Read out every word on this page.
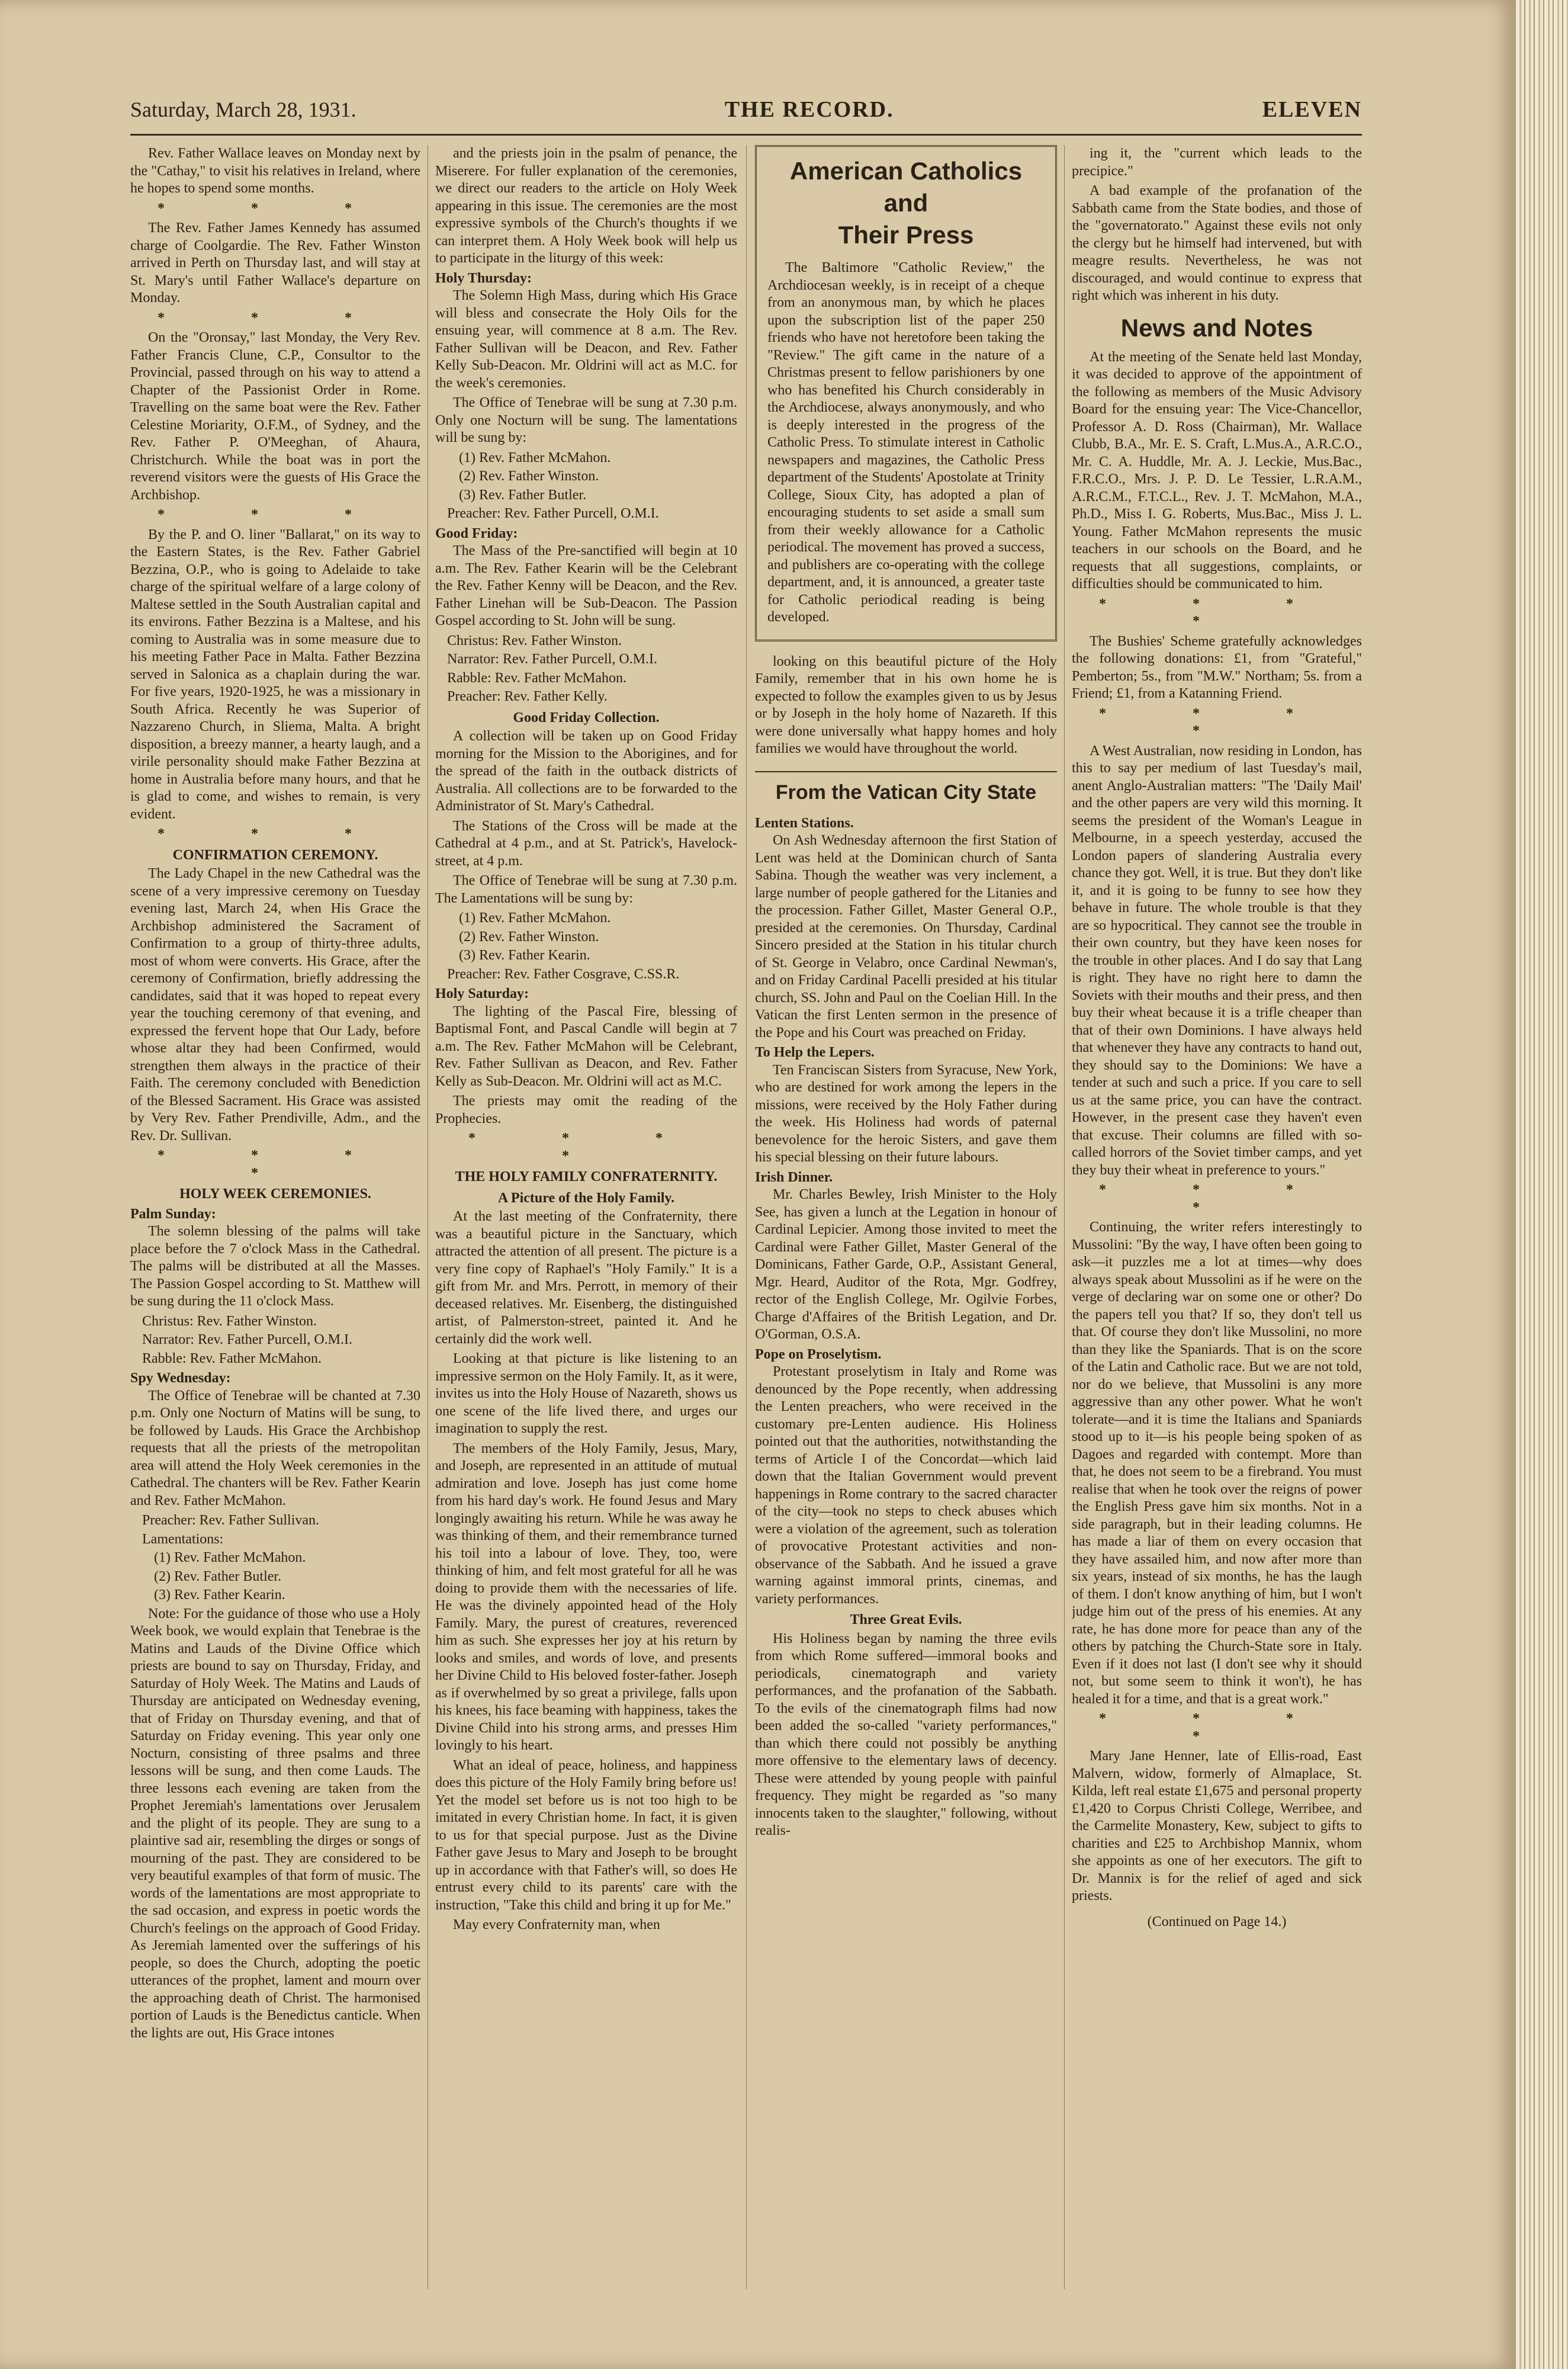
Saturday, March 28, 1931.	THE RECORD.	ELEVEN

Rev. Father Wallace leaves on Monday next by the "Cathay," to visit his relatives in Ireland, where he hopes to spend some months.

* * *

The Rev. Father James Kennedy has assumed charge of Coolgardie. The Rev. Father Winston arrived in Perth on Thursday last, and will stay at St. Mary's until Father Wallace's departure on Monday.

* * *

On the "Oronsay," last Monday, the Very Rev. Father Francis Clune, C.P., Consultor to the Provincial, passed through on his way to attend a Chapter of the Passionist Order in Rome. Travelling on the same boat were the Rev. Father Celestine Moriarity, O.F.M., of Sydney, and the Rev. Father P. O'Meeghan, of Ahaura, Christchurch. While the boat was in port the reverend visitors were the guests of His Grace the Archbishop.

* * *

By the P. and O. liner "Ballarat," on its way to the Eastern States, is the Rev. Father Gabriel Bezzina, O.P., who is going to Adelaide to take charge of the spiritual welfare of a large colony of Maltese settled in the South Australian capital and its environs. Father Bezzina is a Maltese, and his coming to Australia was in some measure due to his meeting Father Pace in Malta. Father Bezzina served in Salonica as a chaplain during the war. For five years, 1920-1925, he was a missionary in South Africa. Recently he was Superior of Nazzareno Church, in Sliema, Malta. A bright disposition, a breezy manner, a hearty laugh, and a virile personality should make Father Bezzina at home in Australia before many hours, and that he is glad to come, and wishes to remain, is very evident.

* * *
CONFIRMATION CEREMONY.

The Lady Chapel in the new Cathedral was the scene of a very impressive ceremony on Tuesday evening last, March 24, when His Grace the Archbishop administered the Sacrament of Confirmation to a group of thirty-three adults, most of whom were converts. His Grace, after the ceremony of Confirmation, briefly addressing the candidates, said that it was hoped to repeat every year the touching ceremony of that evening, and expressed the fervent hope that Our Lady, before whose altar they had been Confirmed, would strengthen them always in the practice of their Faith. The ceremony concluded with Benediction of the Blessed Sacrament. His Grace was assisted by Very Rev. Father Prendiville, Adm., and the Rev. Dr. Sullivan.

* * * *
HOLY WEEK CEREMONIES.
Palm Sunday:

The solemn blessing of the palms will take place before the 7 o'clock Mass in the Cathedral. The palms will be distributed at all the Masses. The Passion Gospel according to St. Matthew will be sung during the 11 o'clock Mass.

Christus: Rev. Father Winston.
Narrator: Rev. Father Purcell, O.M.I.
Rabble: Rev. Father McMahon.
Spy Wednesday:

The Office of Tenebrae will be chanted at 7.30 p.m. Only one Nocturn of Matins will be sung, to be followed by Lauds. His Grace the Archbishop requests that all the priests of the metropolitan area will attend the Holy Week ceremonies in the Cathedral. The chanters will be Rev. Father Kearin and Rev. Father McMahon.

Preacher: Rev. Father Sullivan.
Lamentations:
(1) Rev. Father McMahon.
(2) Rev. Father Butler.
(3) Rev. Father Kearin.

Note: For the guidance of those who use a Holy Week book, we would explain that Tenebrae is the Matins and Lauds of the Divine Office which priests are bound to say on Thursday, Friday, and Saturday of Holy Week. The Matins and Lauds of Thursday are anticipated on Wednesday evening, that of Friday on Thursday evening, and that of Saturday on Friday evening. This year only one Nocturn, consisting of three psalms and three lessons will be sung, and then come Lauds. The three lessons each evening are taken from the Prophet Jeremiah's lamentations over Jerusalem and the plight of its people. They are sung to a plaintive sad air, resembling the dirges or songs of mourning of the past. They are considered to be very beautiful examples of that form of music. The words of the lamentations are most appropriate to the sad occasion, and express in poetic words the Church's feelings on the approach of Good Friday. As Jeremiah lamented over the sufferings of his people, so does the Church, adopting the poetic utterances of the prophet, lament and mourn over the approaching death of Christ. The harmonised portion of Lauds is the Benedictus canticle. When the lights are out, His Grace intones

and the priests join in the psalm of penance, the Miserere. For fuller explanation of the ceremonies, we direct our readers to the article on Holy Week appearing in this issue. The ceremonies are the most expressive symbols of the Church's thoughts if we can interpret them. A Holy Week book will help us to participate in the liturgy of this week:

Holy Thursday:

The Solemn High Mass, during which His Grace will bless and consecrate the Holy Oils for the ensuing year, will commence at 8 a.m. The Rev. Father Sullivan will be Deacon, and Rev. Father Kelly Sub-Deacon. Mr. Oldrini will act as M.C. for the week's ceremonies.

The Office of Tenebrae will be sung at 7.30 p.m. Only one Nocturn will be sung. The lamentations will be sung by:

(1) Rev. Father McMahon.
(2) Rev. Father Winston.
(3) Rev. Father Butler.
Preacher: Rev. Father Purcell, O.M.I.
Good Friday:

The Mass of the Pre-sanctified will begin at 10 a.m. The Rev. Father Kearin will be the Celebrant the Rev. Father Kenny will be Deacon, and the Rev. Father Linehan will be Sub-Deacon. The Passion Gospel according to St. John will be sung.

Christus: Rev. Father Winston.
Narrator: Rev. Father Purcell, O.M.I.
Rabble: Rev. Father McMahon.
Preacher: Rev. Father Kelly.
Good Friday Collection.

A collection will be taken up on Good Friday morning for the Mission to the Aborigines, and for the spread of the faith in the outback districts of Australia. All collections are to be forwarded to the Administrator of St. Mary's Cathedral.

The Stations of the Cross will be made at the Cathedral at 4 p.m., and at St. Patrick's, Havelock-street, at 4 p.m.

The Office of Tenebrae will be sung at 7.30 p.m. The Lamentations will be sung by:

(1) Rev. Father McMahon.
(2) Rev. Father Winston.
(3) Rev. Father Kearin.
Preacher: Rev. Father Cosgrave, C.SS.R.
Holy Saturday:

The lighting of the Pascal Fire, blessing of Baptismal Font, and Pascal Candle will begin at 7 a.m. The Rev. Father McMahon will be Celebrant, Rev. Father Sullivan as Deacon, and Rev. Father Kelly as Sub-Deacon. Mr. Oldrini will act as M.C.

The priests may omit the reading of the Prophecies.

* * * *
THE HOLY FAMILY CONFRATERNITY.
A Picture of the Holy Family.

At the last meeting of the Confraternity, there was a beautiful picture in the Sanctuary, which attracted the attention of all present. The picture is a very fine copy of Raphael's "Holy Family." It is a gift from Mr. and Mrs. Perrott, in memory of their deceased relatives. Mr. Eisenberg, the distinguished artist, of Palmerston-street, painted it. And he certainly did the work well.

Looking at that picture is like listening to an impressive sermon on the Holy Family. It, as it were, invites us into the Holy House of Nazareth, shows us one scene of the life lived there, and urges our imagination to supply the rest.

The members of the Holy Family, Jesus, Mary, and Joseph, are represented in an attitude of mutual admiration and love. Joseph has just come home from his hard day's work. He found Jesus and Mary longingly awaiting his return. While he was away he was thinking of them, and their remembrance turned his toil into a labour of love. They, too, were thinking of him, and felt most grateful for all he was doing to provide them with the necessaries of life. He was the divinely appointed head of the Holy Family. Mary, the purest of creatures, reverenced him as such. She expresses her joy at his return by looks and smiles, and words of love, and presents her Divine Child to His beloved foster-father. Joseph as if overwhelmed by so great a privilege, falls upon his knees, his face beaming with happiness, takes the Divine Child into his strong arms, and presses Him lovingly to his heart.

What an ideal of peace, holiness, and happiness does this picture of the Holy Family bring before us! Yet the model set before us is not too high to be imitated in every Christian home. In fact, it is given to us for that special purpose. Just as the Divine Father gave Jesus to Mary and Joseph to be brought up in accordance with that Father's will, so does He entrust every child to its parents' care with the instruction, "Take this child and bring it up for Me."

May every Confraternity man, when

American Catholics and
Their Press

The Baltimore "Catholic Review," the Archdiocesan weekly, is in receipt of a cheque from an anonymous man, by which he places upon the subscription list of the paper 250 friends who have not heretofore been taking the "Review." The gift came in the nature of a Christmas present to fellow parishioners by one who has benefited his Church considerably in the Archdiocese, always anonymously, and who is deeply interested in the progress of the Catholic Press. To stimulate interest in Catholic newspapers and magazines, the Catholic Press department of the Students' Apostolate at Trinity College, Sioux City, has adopted a plan of encouraging students to set aside a small sum from their weekly allowance for a Catholic periodical. The movement has proved a success, and publishers are co-operating with the college department, and, it is announced, a greater taste for Catholic periodical reading is being developed.

looking on this beautiful picture of the Holy Family, remember that in his own home he is expected to follow the examples given to us by Jesus or by Joseph in the holy home of Nazareth. If this were done universally what happy homes and holy families we would have throughout the world.

From the Vatican City State
Lenten Stations.

On Ash Wednesday afternoon the first Station of Lent was held at the Dominican church of Santa Sabina. Though the weather was very inclement, a large number of people gathered for the Litanies and the procession. Father Gillet, Master General O.P., presided at the ceremonies. On Thursday, Cardinal Sincero presided at the Station in his titular church of St. George in Velabro, once Cardinal Newman's, and on Friday Cardinal Pacelli presided at his titular church, SS. John and Paul on the Coelian Hill. In the Vatican the first Lenten sermon in the presence of the Pope and his Court was preached on Friday.

To Help the Lepers.

Ten Franciscan Sisters from Syracuse, New York, who are destined for work among the lepers in the missions, were received by the Holy Father during the week. His Holiness had words of paternal benevolence for the heroic Sisters, and gave them his special blessing on their future labours.

Irish Dinner.

Mr. Charles Bewley, Irish Minister to the Holy See, has given a lunch at the Legation in honour of Cardinal Lepicier. Among those invited to meet the Cardinal were Father Gillet, Master General of the Dominicans, Father Garde, O.P., Assistant General, Mgr. Heard, Auditor of the Rota, Mgr. Godfrey, rector of the English College, Mr. Ogilvie Forbes, Charge d'Affaires of the British Legation, and Dr. O'Gorman, O.S.A.

Pope on Proselytism.

Protestant proselytism in Italy and Rome was denounced by the Pope recently, when addressing the Lenten preachers, who were received in the customary pre-Lenten audience. His Holiness pointed out that the authorities, notwithstanding the terms of Article I of the Concordat—which laid down that the Italian Government would prevent happenings in Rome contrary to the sacred character of the city—took no steps to check abuses which were a violation of the agreement, such as toleration of provocative Protestant activities and non-observance of the Sabbath. And he issued a grave warning against immoral prints, cinemas, and variety performances.

Three Great Evils.

His Holiness began by naming the three evils from which Rome suffered—immoral books and periodicals, cinematograph and variety performances, and the profanation of the Sabbath. To the evils of the cinematograph films had now been added the so-called "variety performances," than which there could not possibly be anything more offensive to the elementary laws of decency. These were attended by young people with painful frequency. They might be regarded as "so many innocents taken to the slaughter," following, without realis-

ing it, the "current which leads to the precipice."

A bad example of the profanation of the Sabbath came from the State bodies, and those of the "governatorato." Against these evils not only the clergy but he himself had intervened, but with meagre results. Nevertheless, he was not discouraged, and would continue to express that right which was inherent in his duty.

News and Notes

At the meeting of the Senate held last Monday, it was decided to approve of the appointment of the following as members of the Music Advisory Board for the ensuing year: The Vice-Chancellor, Professor A. D. Ross (Chairman), Mr. Wallace Clubb, B.A., Mr. E. S. Craft, L.Mus.A., A.R.C.O., Mr. C. A. Huddle, Mr. A. J. Leckie, Mus.Bac., F.R.C.O., Mrs. J. P. D. Le Tessier, L.R.A.M., A.R.C.M., F.T.C.L., Rev. J. T. McMahon, M.A., Ph.D., Miss I. G. Roberts, Mus.Bac., Miss J. L. Young. Father McMahon represents the music teachers in our schools on the Board, and he requests that all suggestions, complaints, or difficulties should be communicated to him.

* * * *

The Bushies' Scheme gratefully acknowledges the following donations: £1, from "Grateful," Pemberton; 5s., from "M.W." Northam; 5s. from a Friend; £1, from a Katanning Friend.

* * * *

A West Australian, now residing in London, has this to say per medium of last Tuesday's mail, anent Anglo-Australian matters: "The 'Daily Mail' and the other papers are very wild this morning. It seems the president of the Woman's League in Melbourne, in a speech yesterday, accused the London papers of slandering Australia every chance they got. Well, it is true. But they don't like it, and it is going to be funny to see how they behave in future. The whole trouble is that they are so hypocritical. They cannot see the trouble in their own country, but they have keen noses for the trouble in other places. And I do say that Lang is right. They have no right here to damn the Soviets with their mouths and their press, and then buy their wheat because it is a trifle cheaper than that of their own Dominions. I have always held that whenever they have any contracts to hand out, they should say to the Dominions: We have a tender at such and such a price. If you care to sell us at the same price, you can have the contract. However, in the present case they haven't even that excuse. Their columns are filled with so-called horrors of the Soviet timber camps, and yet they buy their wheat in preference to yours."

* * * *

Continuing, the writer refers interestingly to Mussolini: "By the way, I have often been going to ask—it puzzles me a lot at times—why does always speak about Mussolini as if he were on the verge of declaring war on some one or other? Do the papers tell you that? If so, they don't tell us that. Of course they don't like Mussolini, no more than they like the Spaniards. That is on the score of the Latin and Catholic race. But we are not told, nor do we believe, that Mussolini is any more aggressive than any other power. What he won't tolerate—and it is time the Italians and Spaniards stood up to it—is his people being spoken of as Dagoes and regarded with contempt. More than that, he does not seem to be a firebrand. You must realise that when he took over the reigns of power the English Press gave him six months. Not in a side paragraph, but in their leading columns. He has made a liar of them on every occasion that they have assailed him, and now after more than six years, instead of six months, he has the laugh of them. I don't know anything of him, but I won't judge him out of the press of his enemies. At any rate, he has done more for peace than any of the others by patching the Church-State sore in Italy. Even if it does not last (I don't see why it should not, but some seem to think it won't), he has healed it for a time, and that is a great work."

* * * *

Mary Jane Henner, late of Ellis-road, East Malvern, widow, formerly of Almaplace, St. Kilda, left real estate £1,675 and personal property £1,420 to Corpus Christi College, Werribee, and the Carmelite Monastery, Kew, subject to gifts to charities and £25 to Archbishop Mannix, whom she appoints as one of her executors. The gift to Dr. Mannix is for the relief of aged and sick priests.

(Continued on Page 14.)
